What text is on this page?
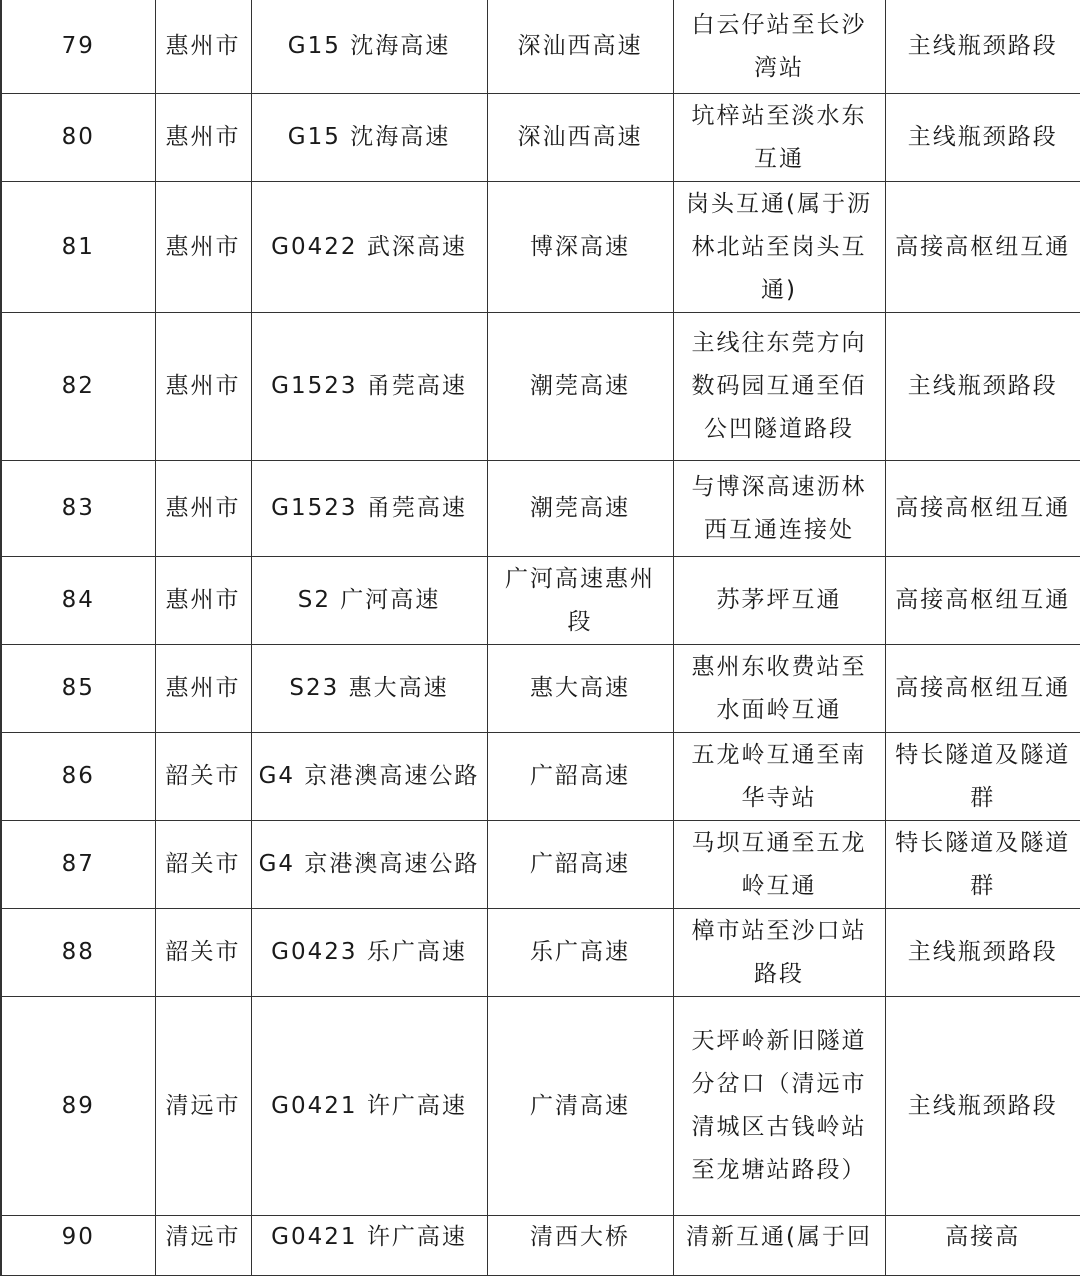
79	惠州市	G15 沈海高速	深汕西高速	白云仔站至长沙湾站	主线瓶颈路段
80	惠州市	G15 沈海高速	深汕西高速	坑梓站至淡水东互通	主线瓶颈路段
81	惠州市	G0422 武深高速	博深高速	岗头互通(属于沥林北站至岗头互通)	高接高枢纽互通
82	惠州市	G1523 甬莞高速	潮莞高速	主线往东莞方向数码园互通至佰公凹隧道路段	主线瓶颈路段
83	惠州市	G1523 甬莞高速	潮莞高速	与博深高速沥林西互通连接处	高接高枢纽互通
84	惠州市	S2 广河高速	广河高速惠州段	苏茅坪互通	高接高枢纽互通
85	惠州市	S23 惠大高速	惠大高速	惠州东收费站至水面岭互通	高接高枢纽互通
86	韶关市	G4 京港澳高速公路	广韶高速	五龙岭互通至南华寺站	特长隧道及隧道群
87	韶关市	G4 京港澳高速公路	广韶高速	马坝互通至五龙岭互通	特长隧道及隧道群
88	韶关市	G0423 乐广高速	乐广高速	樟市站至沙口站路段	主线瓶颈路段
89	清远市	G0421 许广高速	广清高速	天坪岭新旧隧道分岔口（清远市清城区古钱岭站至龙塘站路段）	主线瓶颈路段
90	清远市	G0421 许广高速	清西大桥	清新互通(属于回	高接高
